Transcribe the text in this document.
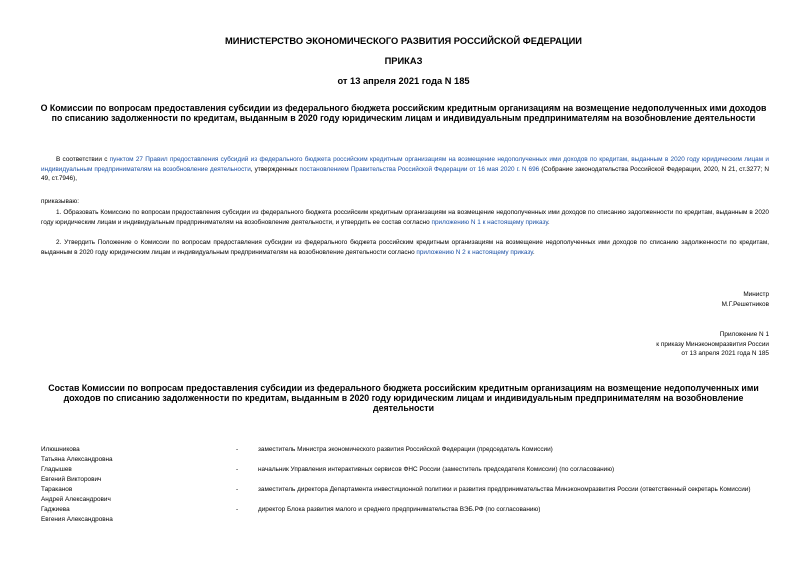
МИНИСТЕРСТВО ЭКОНОМИЧЕСКОГО РАЗВИТИЯ РОССИЙСКОЙ ФЕДЕРАЦИИ
ПРИКАЗ
от 13 апреля 2021 года N 185
О Комиссии по вопросам предоставления субсидии из федерального бюджета российским кредитным организациям на возмещение недополученных ими доходов
по списанию задолженности по кредитам, выданным в 2020 году юридическим лицам и индивидуальным предпринимателям на возобновление деятельности
В соответствии с пунктом 27 Правил предоставления субсидий из федерального бюджета российским кредитным организациям на возмещение недополученных ими доходов по кредитам, выданным в 2020 году юридическим лицам и индивидуальным предпринимателям на возобновление деятельности, утвержденных постановлением Правительства Российской Федерации от 16 мая 2020 г. N 696 (Собрание законодательства Российской Федерации, 2020, N 21, ст.3277; N 49, ст.7946),
приказываю:
1. Образовать Комиссию по вопросам предоставления субсидии из федерального бюджета российским кредитным организациям на возмещение недополученных ими доходов по списанию задолженности по кредитам, выданным в 2020 году юридическим лицам и индивидуальным предпринимателям на возобновление деятельности, и утвердить ее состав согласно приложению N 1 к настоящему приказу.
2. Утвердить Положение о Комиссии по вопросам предоставления субсидии из федерального бюджета российским кредитным организациям на возмещение недополученных ими доходов по списанию задолженности по кредитам, выданным в 2020 году юридическим лицам и индивидуальным предпринимателям на возобновление деятельности согласно приложению N 2 к настоящему приказу.
Министр
М.Г.Решетников
Приложение N 1
к приказу Минэкономразвития России
от 13 апреля 2021 года N 185
Состав Комиссии по вопросам предоставления субсидии из федерального бюджета российским кредитным организациям на возмещение недополученных ими
доходов по списанию задолженности по кредитам, выданным в 2020 году юридическим лицам и индивидуальным предпринимателям на возобновление
деятельности
Илюшникова
Татьяна Александровна
-	заместитель Министра экономического развития Российской Федерации (председатель Комиссии)
Гладышев
Евгений Викторович
-	начальник Управления интерактивных сервисов ФНС России (заместитель председателя Комиссии) (по согласованию)
Тараканов
Андрей Александрович
-	заместитель директора Департамента инвестиционной политики и развития предпринимательства Минэкономразвития России (ответственный секретарь Комиссии)
Гаджиева
Евгения Александровна
-	директор Блока развития малого и среднего предпринимательства ВЭБ.РФ (по согласованию)
